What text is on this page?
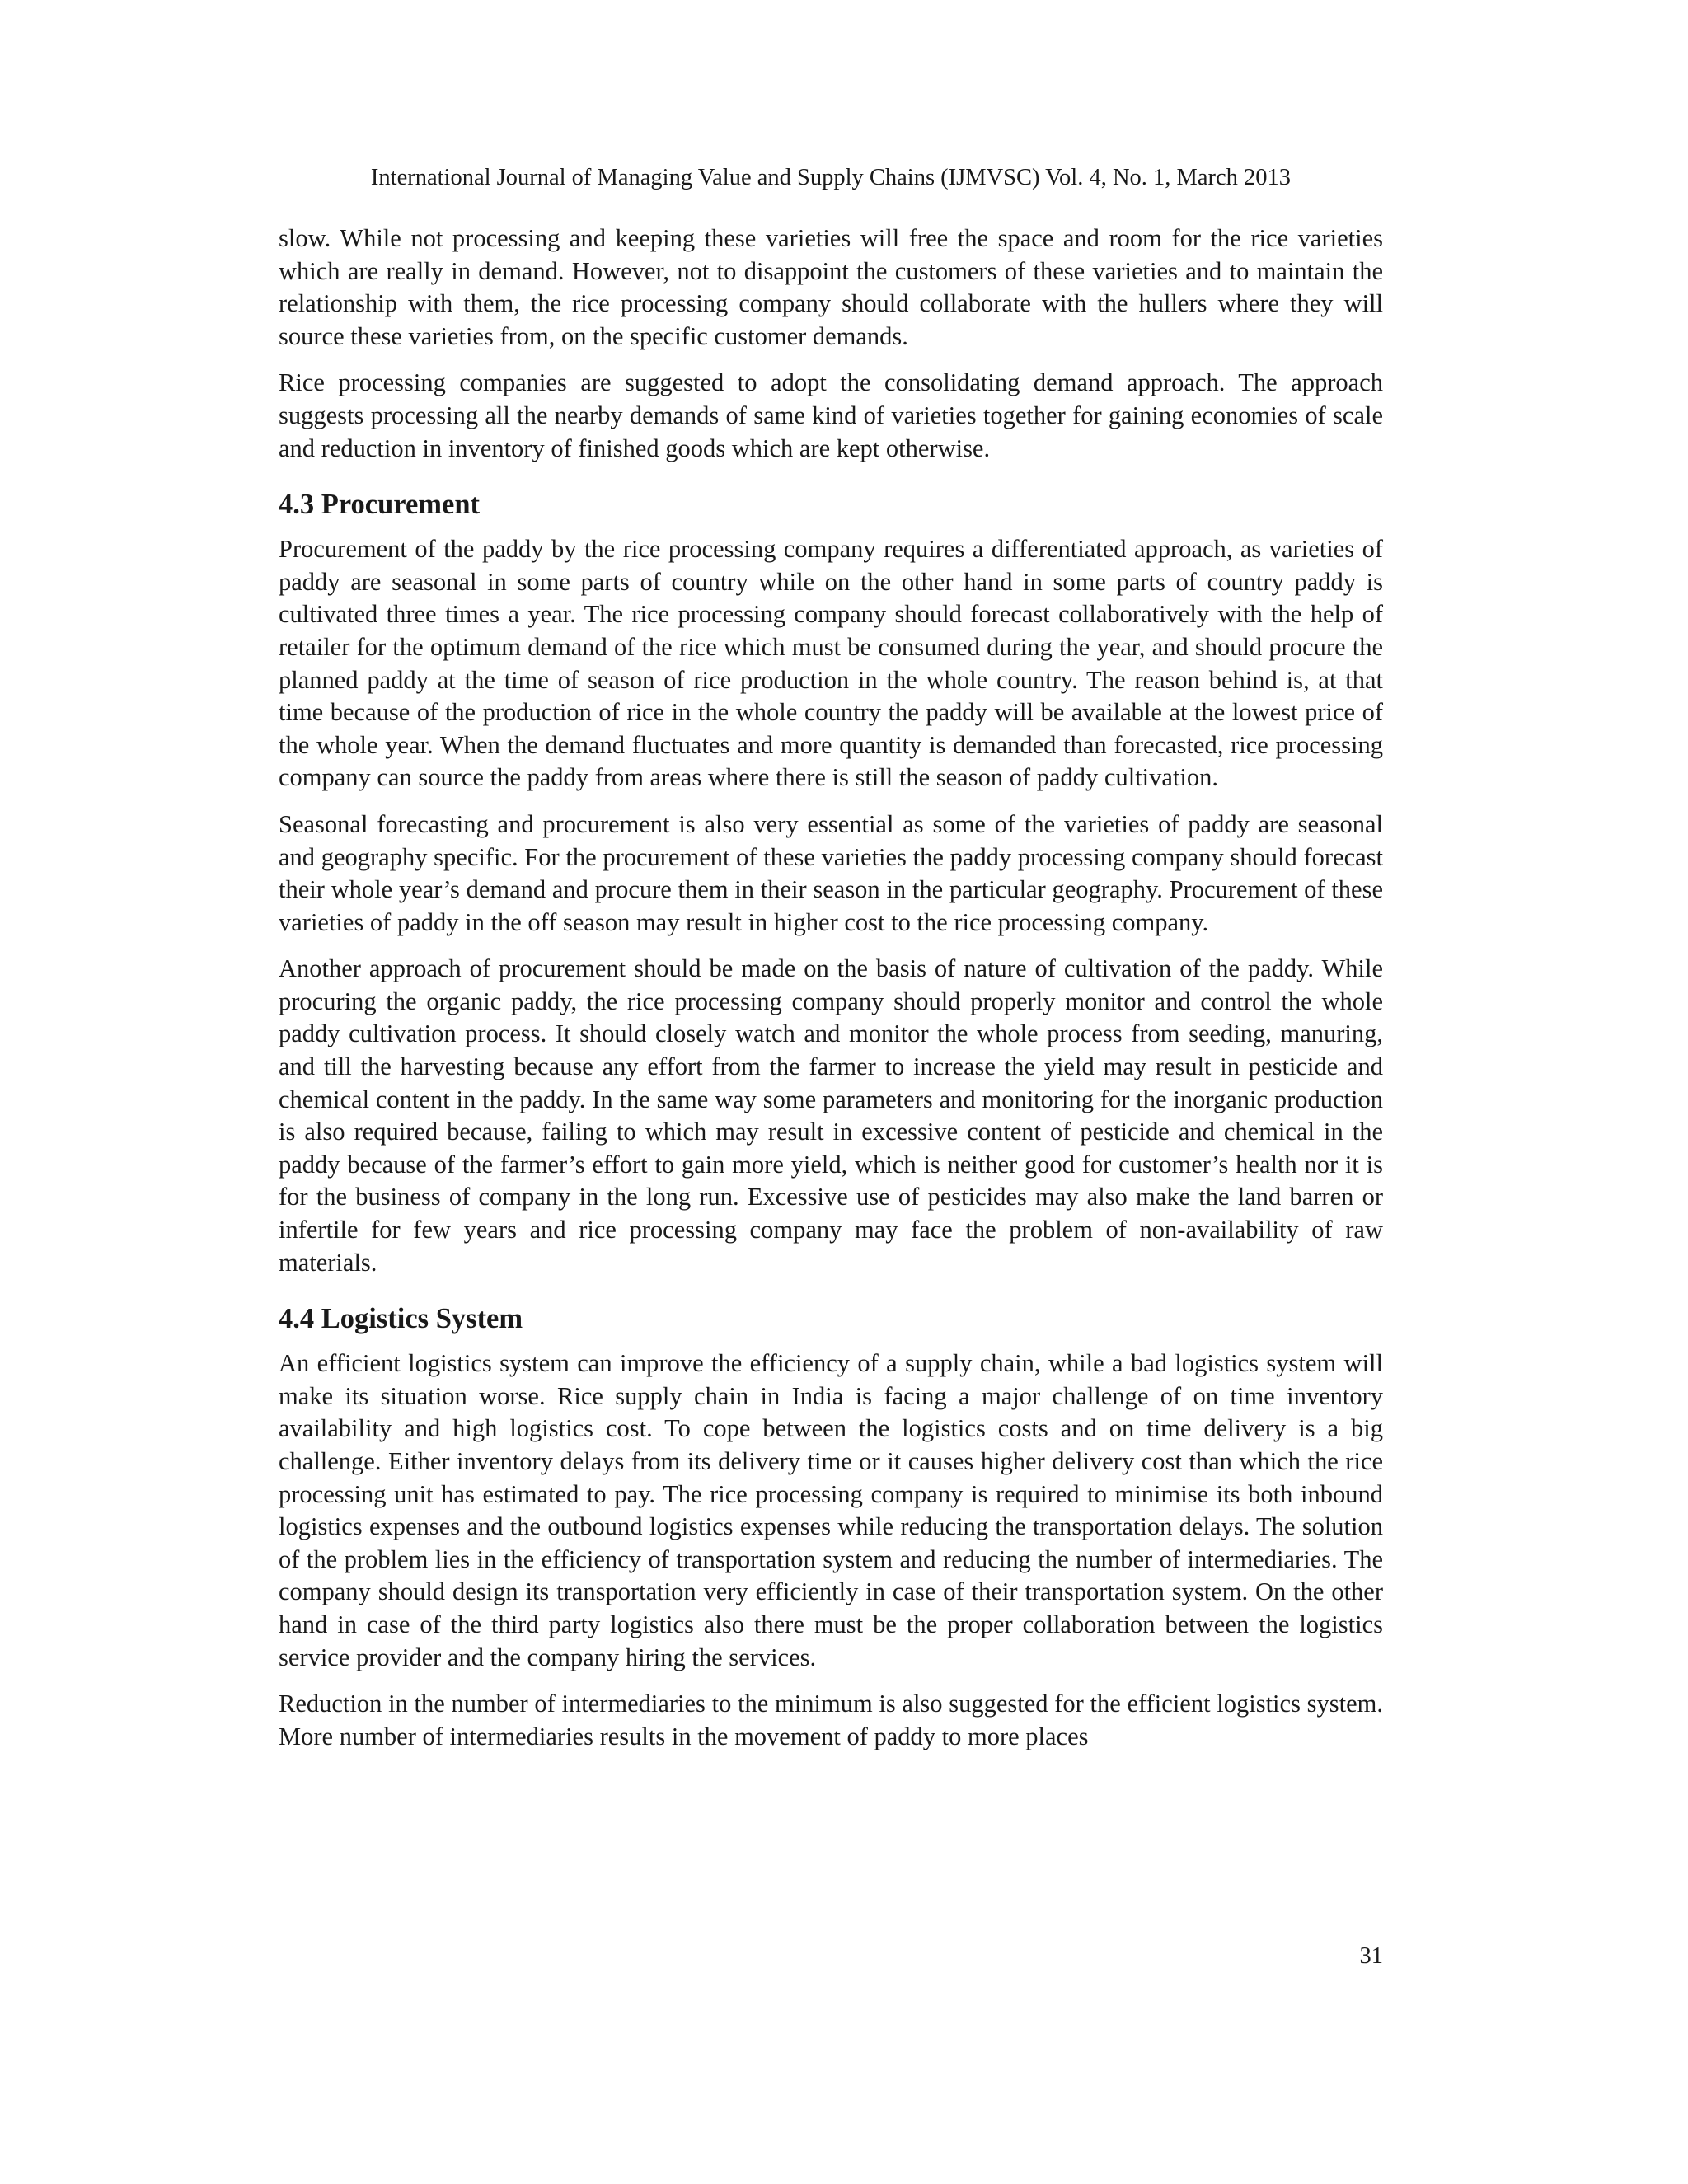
International Journal of Managing Value and Supply Chains (IJMVSC) Vol. 4, No. 1, March 2013

slow. While not processing and keeping these varieties will free the space and room for the rice varieties which are really in demand. However, not to disappoint the customers of these varieties and to maintain the relationship with them, the rice processing company should collaborate with the hullers where they will source these varieties from, on the specific customer demands.

Rice processing companies are suggested to adopt the consolidating demand approach. The approach suggests processing all the nearby demands of same kind of varieties together for gaining economies of scale and reduction in inventory of finished goods which are kept otherwise.

4.3 Procurement

Procurement of the paddy by the rice processing company requires a differentiated approach, as varieties of paddy are seasonal in some parts of country while on the other hand in some parts of country paddy is cultivated three times a year. The rice processing company should forecast collaboratively with the help of retailer for the optimum demand of the rice which must be consumed during the year, and should procure the planned paddy at the time of season of rice production in the whole country. The reason behind is, at that time because of the production of rice in the whole country the paddy will be available at the lowest price of the whole year. When the demand fluctuates and more quantity is demanded than forecasted, rice processing company can source the paddy from areas where there is still the season of paddy cultivation.

Seasonal forecasting and procurement is also very essential as some of the varieties of paddy are seasonal and geography specific. For the procurement of these varieties the paddy processing company should forecast their whole year’s demand and procure them in their season in the particular geography. Procurement of these varieties of paddy in the off season may result in higher cost to the rice processing company.

Another approach of procurement should be made on the basis of nature of cultivation of the paddy. While procuring the organic paddy, the rice processing company should properly monitor and control the whole paddy cultivation process. It should closely watch and monitor the whole process from seeding, manuring, and till the harvesting because any effort from the farmer to increase the yield may result in pesticide and chemical content in the paddy. In the same way some parameters and monitoring for the inorganic production is also required because, failing to which may result in excessive content of pesticide and chemical in the paddy because of the farmer’s effort to gain more yield, which is neither good for customer’s health nor it is for the business of company in the long run. Excessive use of pesticides may also make the land barren or infertile for few years and rice processing company may face the problem of non-availability of raw materials.

4.4 Logistics System

An efficient logistics system can improve the efficiency of a supply chain, while a bad logistics system will make its situation worse. Rice supply chain in India is facing a major challenge of on time inventory availability and high logistics cost. To cope between the logistics costs and on time delivery is a big challenge. Either inventory delays from its delivery time or it causes higher delivery cost than which the rice processing unit has estimated to pay. The rice processing company is required to minimise its both inbound logistics expenses and the outbound logistics expenses while reducing the transportation delays. The solution of the problem lies in the efficiency of transportation system and reducing the number of intermediaries. The company should design its transportation very efficiently in case of their transportation system. On the other hand in case of the third party logistics also there must be the proper collaboration between the logistics service provider and the company hiring the services.

Reduction in the number of intermediaries to the minimum is also suggested for the efficient logistics system. More number of intermediaries results in the movement of paddy to more places

31
